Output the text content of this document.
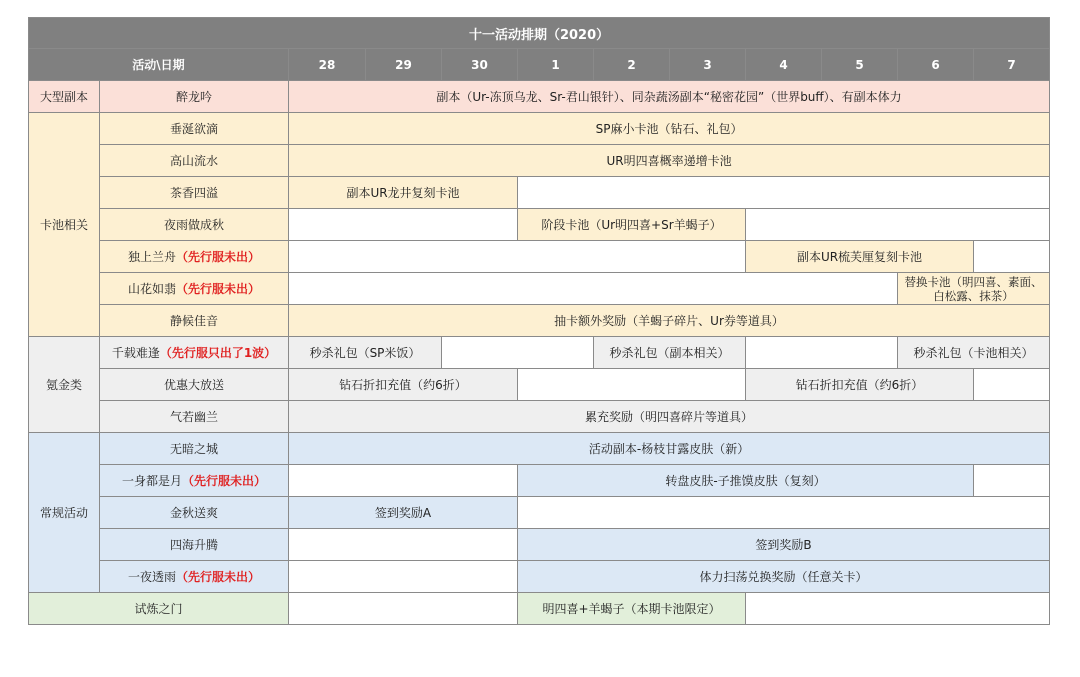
十一活动排期（2020）											
活动\日期		28	29	30	1	2	3	4	5	6	7
大型副本	醉龙吟	副本（Ur-冻顶乌龙、Sr-君山银针）、同杂蔬汤副本“秘密花园”（世界buff）、有副本体力									
卡池相关	垂涎欲滴	SP麻小卡池（钻石、礼包）									
	高山流水	UR明四喜概率递增卡池									
	茶香四溢	副本UR龙井复刻卡池									
	夜雨做成秋				阶段卡池（Ur明四喜+Sr羊蝎子）						
	独上兰舟（先行服未出）							副本UR梳芙厘复刻卡池			
	山花如翡（先行服未出）									替换卡池（明四喜、素面、白松露、抹茶）	
	静候佳音	抽卡额外奖励（羊蝎子碎片、Ur券等道具）									
氪金类	千载难逢（先行服只出了1波）	秒杀礼包（SP米饭）				秒杀礼包（副本相关）				秒杀礼包（卡池相关）	
	优惠大放送	钻石折扣充值（约6折）						钻石折扣充值（约6折）			
	气若幽兰	累充奖励（明四喜碎片等道具）									
常规活动	无暗之城	活动副本-杨枝甘露皮肤（新）									
	一身都是月（先行服未出）				转盘皮肤-子推馍皮肤（复刻）						
	金秋送爽	签到奖励A									
	四海升腾				签到奖励B						
	一夜透雨（先行服未出）				体力扫荡兑换奖励（任意关卡）						
试炼之门					明四喜+羊蝎子（本期卡池限定）						
